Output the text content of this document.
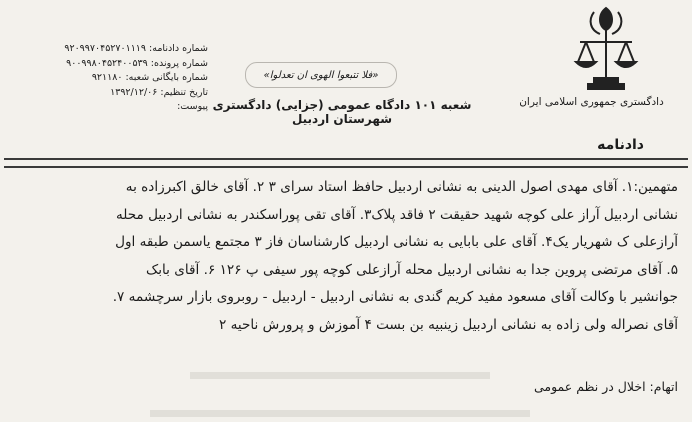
دادگستری جمهوری اسلامی ایران
«فلا تتبعوا الهوی ان تعدلوا»
شعبه ۱۰۱ دادگاه عمومی (جزایی) دادگستری شهرستان اردبیل
شماره دادنامه: ۹۲۰۹۹۷۰۴۵۲۷۰۱۱۱۹
شماره پرونده: ۹۰۰۹۹۸۰۴۵۲۴۰۰۵۳۹
شماره بایگانی شعبه: ۹۲۱۱۸۰
تاریخ تنظیم: ۱۳۹۲/۱۲/۰۶
پیوست:
دادنامه

متهمین:۱. آقای مهدی اصول الدینی به نشانی اردبیل حافظ استاد سرای ۳ ۲. آقای خالق اکبرزاده به

نشانی اردبیل آراز علی کوچه شهید حقیقت ۲ فاقد پلاک۳. آقای تقی پوراسکندر به نشانی اردبیل محله

آرازعلی ک شهریار یک۴. آقای علی بابایی به نشانی اردبیل کارشناسان فاز ۳ مجتمع یاسمن طبقه اول

۵. آقای مرتضی پروین جدا به نشانی اردبیل محله آرازعلی کوچه پور سیفی پ ۱۲۶ ۶. آقای بابک

جوانشیر با وکالت آقای مسعود مفید کریم گندی به نشانی اردبیل - اردبیل - روبروی بازار سرچشمه ۷.

آقای نصراله ولی زاده به نشانی اردبیل زینبیه بن بست ۴ آموزش و پرورش ناحیه ۲

اتهام: اخلال در نظم عمومی
